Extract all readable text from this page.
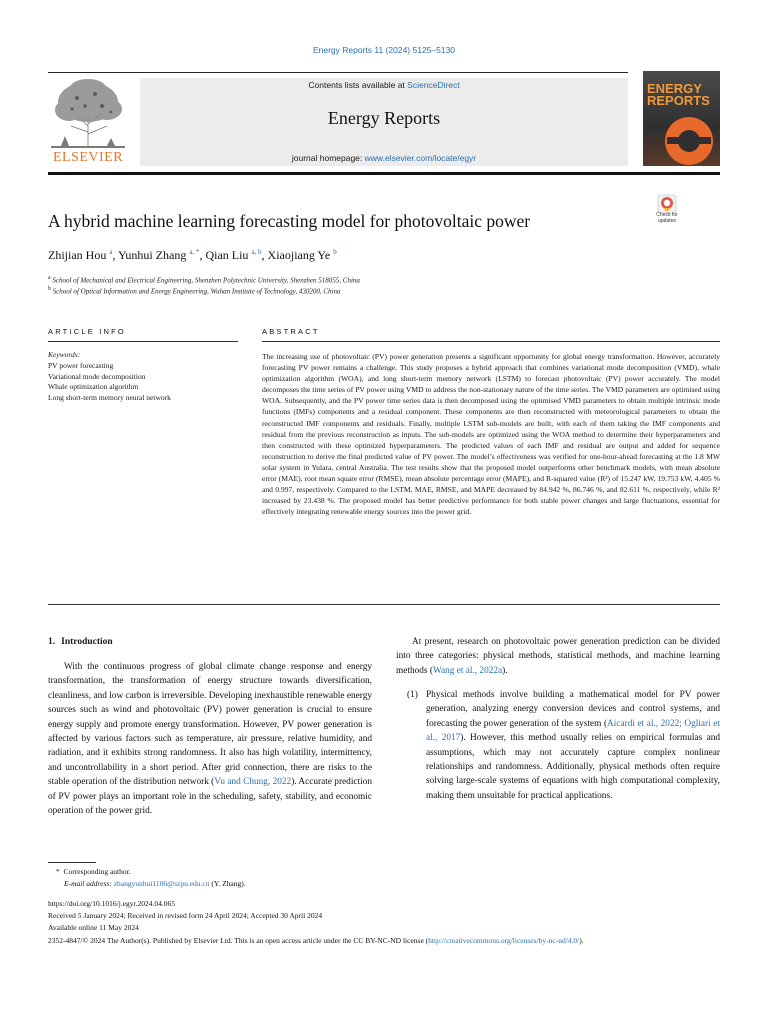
Energy Reports 11 (2024) 5125–5130
ELSEVIER
Contents lists available at ScienceDirect
Energy Reports
journal homepage: www.elsevier.com/locate/egyr
ENERGY
REPORTS
A hybrid machine learning forecasting model for photovoltaic power	Check for
updates
Zhijian Hou $^a$, Yunhui Zhang $^{a, *}$, Qian Liu $^{a, b}$, Xiaojiang Ye $^b$
$^a$ School of Mechanical and Electrical Engineering, Shenzhen Polytechnic University, Shenzhen 518055, China
$^b$ School of Optical Information and Energy Engineering, Wuhan Institute of Technology, 430200, China
ARTICLE INFO	ABSTRACT
Keywords:
PV power forecasting
Variational mode decomposition
Whale optimization algorithm
Long short-term memory neural network
The increasing use of photovoltaic (PV) power generation presents a significant opportunity for global energy transformation. However, accurately forecasting PV power remains a challenge. This study proposes a hybrid approach that combines variational mode decomposition (VMD), whale optimization algorithm (WOA), and long short-term memory network (LSTM) to forecast photovoltaic (PV) power accurately. The model decomposes the time series of PV power using VMD to address the non-stationary nature of the time series. The VMD parameters are optimised using WOA. Subsequently, and the PV power time series data is then decomposed using the optimised VMD parameters to obtain multiple intrinsic mode functions (IMFs) components and a residual component. These components are then reconstructed with meteorological parameters to obtain the reconstructed IMF components and residuals. Finally, multiple LSTM sub-models are built, with each of them taking the IMF components and residual from the previous reconstruction as inputs. The sub-models are optimized using the WOA method to determine their hyperparameters and then constructed with these optimized hyperparameters. The predicted values of each IMF and residual are output and added for sequence reconstruction to derive the final predicted value of PV power. The model’s effectiveness was verified for one-hour-ahead forecasting at the 1.8 MW solar system in Yulara, central Australia. The test results show that the proposed model outperforms other benchmark models, with mean absolute error (MAE), root mean square error (RMSE), mean absolute percentage error (MAPE), and R-squared value (R²) of 15.247 kW, 19.753 kW, 4.405 % and 0.997, respectively. Compared to the LSTM, MAE, RMSE, and MAPE decreased by 84.942 %, 86.746 %, and 82.611 %, respectively, while R² increased by 23.438 %. The proposed model has better predictive performance for both stable power changes and large fluctuations, essential for effectively integrating renewable energy sources into the power grid.
1. Introduction
With the continuous progress of global climate change response and energy transformation, the transformation of energy structure towards diversification, cleanliness, and low carbon is irreversible. Developing inexhaustible renewable energy sources such as wind and photovoltaic (PV) power generation is crucial to ensure energy supply and promote energy transformation. However, PV power generation is affected by various factors such as temperature, air pressure, relative humidity, and radiation, and it exhibits strong randomness. It also has high volatility, intermittency, and uncontrollability in a short period. After grid connection, there are risks to the stable operation of the distribution network (Vu and Chung, 2022). Accurate prediction of PV power plays an important role in the scheduling, safety, stability, and economic operation of the power grid.
At present, research on photovoltaic power generation prediction can be divided into three categories: physical methods, statistical methods, and machine learning methods (Wang et al., 2022a).
(1) Physical methods involve building a mathematical model for PV power generation, analyzing energy conversion devices and control systems, and forecasting the power generation of the system (Aicardi et al., 2022; Ogliari et al., 2017). However, this method usually relies on empirical formulas and assumptions, which may not accurately capture complex nonlinear relationships and randomness. Additionally, physical methods often require solving large-scale systems of equations with high computational complexity, making them unsuitable for practical applications.
* Corresponding author.
E-mail address: zhangyunhui1106@szpu.edu.cn (Y. Zhang).
https://doi.org/10.1016/j.egyr.2024.04.065
Received 5 January 2024; Received in revised form 24 April 2024; Accepted 30 April 2024
Available online 11 May 2024
2352-4847/© 2024 The Author(s). Published by Elsevier Ltd. This is an open access article under the CC BY-NC-ND license (http://creativecommons.org/licenses/by-nc-nd/4.0/).
